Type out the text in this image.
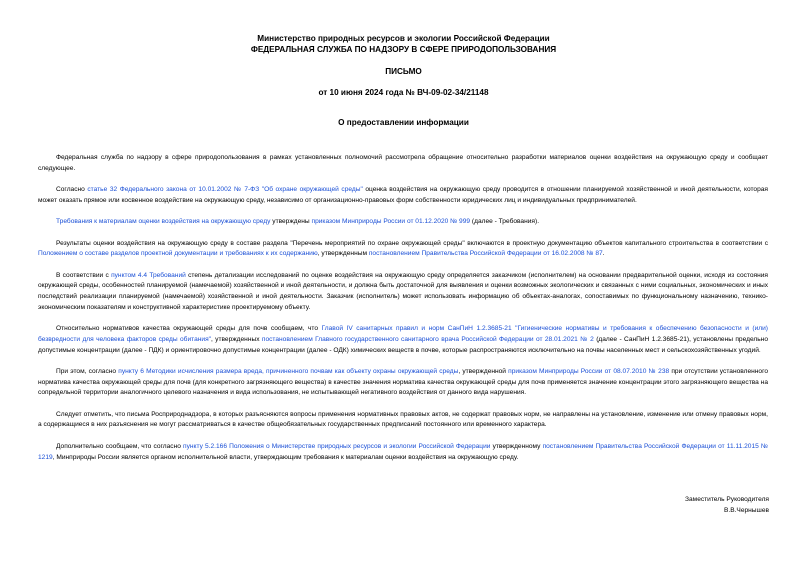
Министерство природных ресурсов и экологии Российской Федерации
ФЕДЕРАЛЬНАЯ СЛУЖБА ПО НАДЗОРУ В СФЕРЕ ПРИРОДОПОЛЬЗОВАНИЯ
ПИСЬМО
от 10 июня 2024 года № ВЧ-09-02-34/21148
О предоставлении информации

Федеральная служба по надзору в сфере природопользования в рамках установленных полномочий рассмотрела обращение относительно разработки материалов оценки воздействия на окружающую среду и сообщает следующее.

Согласно статье 32 Федерального закона от 10.01.2002 № 7-ФЗ "Об охране окружающей среды" оценка воздействия на окружающую среду проводится в отношении планируемой хозяйственной и иной деятельности, которая может оказать прямое или косвенное воздействие на окружающую среду, независимо от организационно-правовых форм собственности юридических лиц и индивидуальных предпринимателей.

Требования к материалам оценки воздействия на окружающую среду утверждены приказом Минприроды России от 01.12.2020 № 999 (далее - Требования).

Результаты оценки воздействия на окружающую среду в составе раздела "Перечень мероприятий по охране окружающей среды" включаются в проектную документацию объектов капитального строительства в соответствии с Положением о составе разделов проектной документации и требованиях к их содержанию, утвержденным постановлением Правительства Российской Федерации от 16.02.2008 № 87.

В соответствии с пунктом 4.4 Требований степень детализации исследований по оценке воздействия на окружающую среду определяется заказчиком (исполнителем) на основании предварительной оценки, исходя из состояния окружающей среды, особенностей планируемой (намечаемой) хозяйственной и иной деятельности, и должна быть достаточной для выявления и оценки возможных экологических и связанных с ними социальных, экономических и иных последствий реализации планируемой (намечаемой) хозяйственной и иной деятельности. Заказчик (исполнитель) может использовать информацию об объектах-аналогах, сопоставимых по функциональному назначению, технико-экономическим показателям и конструктивной характеристике проектируемому объекту.

Относительно нормативов качества окружающей среды для почв сообщаем, что Главой IV санитарных правил и норм СанПиН 1.2.3685-21 "Гигиенические нормативы и требования к обеспечению безопасности и (или) безвредности для человека факторов среды обитания", утвержденных постановлением Главного государственного санитарного врача Российской Федерации от 28.01.2021 № 2 (далее - СанПиН 1.2.3685-21), установлены предельно допустимые концентрации (далее - ПДК) и ориентировочно допустимые концентрации (далее - ОДК) химических веществ в почве, которые распространяются исключительно на почвы населенных мест и сельскохозяйственных угодий.

При этом, согласно пункту 6 Методики исчисления размера вреда, причиненного почвам как объекту охраны окружающей среды, утвержденной приказом Минприроды России от 08.07.2010 № 238 при отсутствии установленного норматива качества окружающей среды для почв (для конкретного загрязняющего вещества) в качестве значения норматива качества окружающей среды для почв применяется значение концентрации этого загрязняющего вещества на сопредельной территории аналогичного целевого назначения и вида использования, не испытывающей негативного воздействия от данного вида нарушения.

Следует отметить, что письма Росприроднадзора, в которых разъясняются вопросы применения нормативных правовых актов, не содержат правовых норм, не направлены на установление, изменение или отмену правовых норм, а содержащиеся в них разъяснения не могут рассматриваться в качестве общеобязательных государственных предписаний постоянного или временного характера.

Дополнительно сообщаем, что согласно пункту 5.2.166 Положения о Министерстве природных ресурсов и экологии Российской Федерации утвержденному постановлением Правительства Российской Федерации от 11.11.2015 № 1219, Минприроды России является органом исполнительной власти, утверждающим требования к материалам оценки воздействия на окружающую среду.

Заместитель Руководителя
В.В.Чернышев
